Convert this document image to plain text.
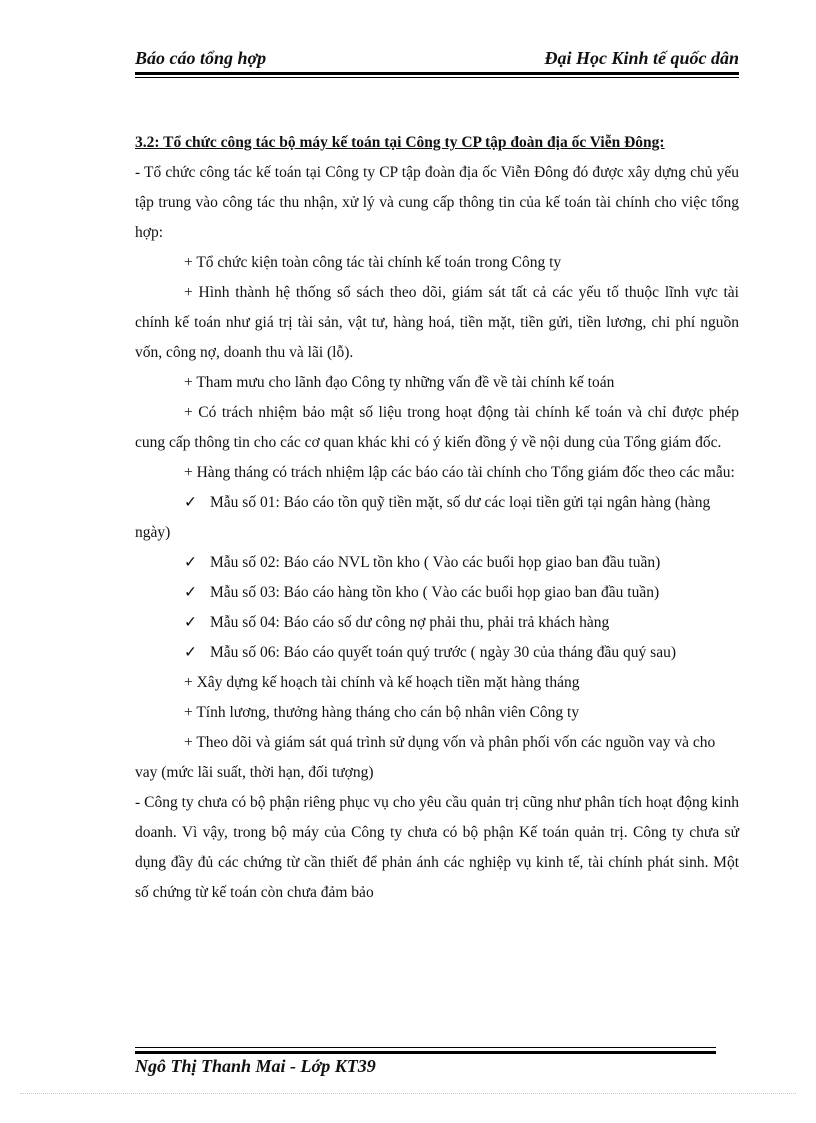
Báo cáo tổng hợp	Đại Học Kinh tế quốc dân

3.2: Tổ chức công tác bộ máy kế toán tại Công ty CP tập đoàn địa ốc Viễn Đông:

- Tổ chức công tác kế toán tại Công ty CP tập đoàn địa ốc Viễn Đông đó được xây dựng chủ yếu tập trung vào công tác thu nhận, xử lý và cung cấp thông tin của kế toán tài chính cho việc tổng hợp:

+ Tổ chức kiện toàn công tác tài chính kế toán trong Công ty

+ Hình thành hệ thống sổ sách theo dõi, giám sát tất cả các yếu tố thuộc lĩnh vực tài chính kế toán như giá trị tài sản, vật tư, hàng hoá, tiền mặt, tiền gửi, tiền lương, chi phí nguồn vốn, công nợ, doanh thu và lãi (lỗ).

+ Tham mưu cho lãnh đạo Công ty những vấn đề về tài chính kế toán

+ Có trách nhiệm bảo mật số liệu trong hoạt động tài chính kế toán và chỉ được phép cung cấp thông tin cho các cơ quan khác khi có ý kiến đồng ý về nội dung của Tổng giám đốc.

+ Hàng tháng có trách nhiệm lập các báo cáo tài chính cho Tổng giám đốc theo các mẫu:

✓ Mẫu số 01: Báo cáo tồn quỹ tiền mặt, số dư các loại tiền gửi tại ngân hàng (hàng ngày)

✓ Mẫu số 02: Báo cáo NVL tồn kho ( Vào các buổi họp giao ban đầu tuần)

✓ Mẫu số 03: Báo cáo hàng tồn kho ( Vào các buổi họp giao ban đầu tuần)

✓ Mẫu số 04: Báo cáo số dư công nợ phải thu, phải trả khách hàng

✓ Mẫu số 06: Báo cáo quyết toán quý trước ( ngày 30 của tháng đầu quý sau)

+ Xây dựng kế hoạch tài chính và kế hoạch tiền mặt hàng tháng

+ Tính lương, thưởng hàng tháng cho cán bộ nhân viên Công ty

+ Theo dõi và giám sát quá trình sử dụng vốn và phân phối vốn các nguồn vay và cho vay (mức lãi suất, thời hạn, đối tượng)

- Công ty chưa có bộ phận riêng phục vụ cho yêu cầu quản trị cũng như phân tích hoạt động kinh doanh. Vì vậy, trong bộ máy của Công ty chưa có bộ phận Kế toán quản trị. Công ty chưa sử dụng đầy đủ các chứng từ cần thiết để phản ánh các nghiệp vụ kinh tế, tài chính phát sinh. Một số chứng từ kế toán còn chưa đảm bảo

Ngô Thị Thanh Mai - Lớp KT39
